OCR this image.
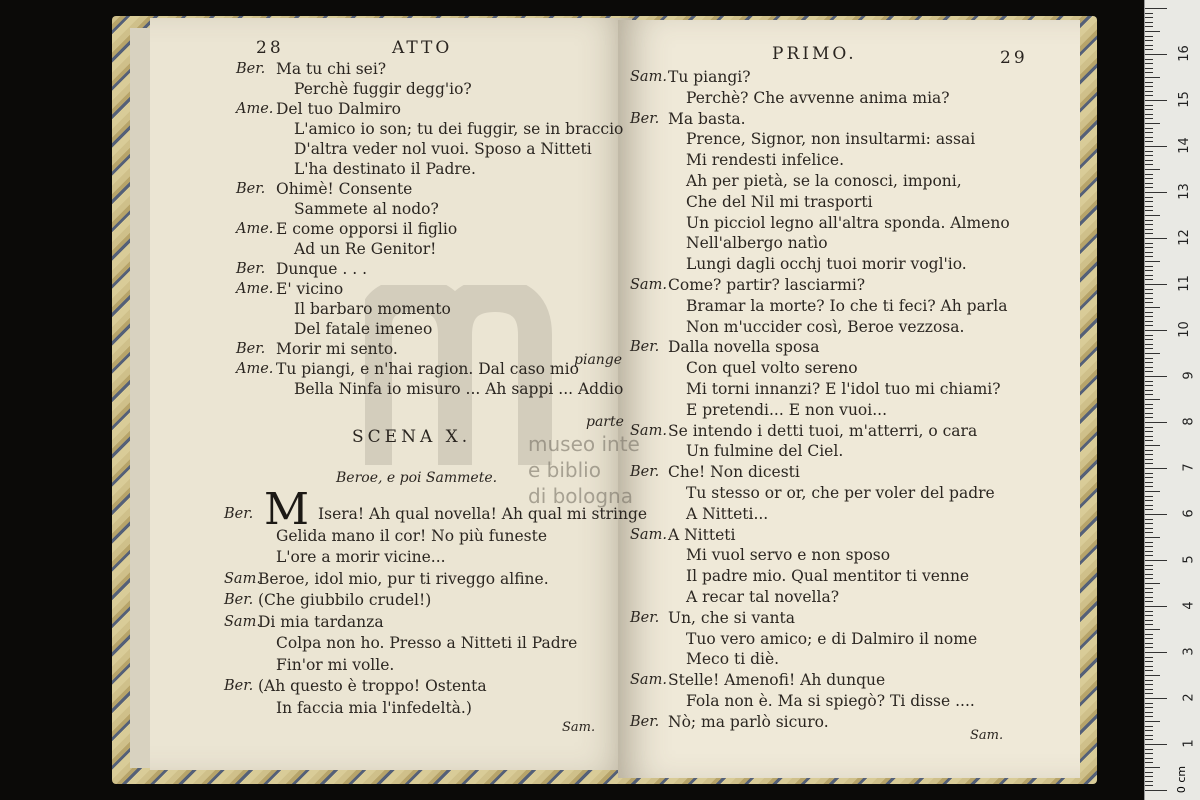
museo inte
e biblio
di bologna
28	ATTO
Ber. Ma tu chi sei?
Perchè fuggir degg'io?
Ame. Del tuo Dalmiro
L'amico io son; tu dei fuggir, se in braccio
D'altra veder nol vuoi. Sposo a Nitteti
L'ha destinato il Padre.
Ber. Ohimè! Consente
Sammete al nodo?
Ame. E come opporsi il figlio
Ad un Re Genitor!
Ber. Dunque . . .
Ame. E' vicino
Il barbaro momento
Del fatale imeneo
Ber. Morir mi sento.
Ame. Tu piangi, e n'hai ragion. Dal caso mio
Bella Ninfa io misuro ... Ah sappi ... Addio
piange
parte
SCENA X.
Beroe, e poi Sammete.
M
Ber.	Isera! Ah qual novella! Ah qual mi stringe
Gelida mano il cor! No più funeste
L'ore a morir vicine...
Sam.
Beroe, idol mio, pur ti riveggo alfine.
Ber. (Che giubbilo crudel!)
Sam.
Di mia tardanza
Colpa non ho. Presso a Nitteti il Padre
Fin'or mi volle.
Ber. (Ah questo è troppo! Ostenta
In faccia mia l'infedeltà.)
Sam.
PRIMO.	29
Sam. Tu piangi?
Perchè? Che avvenne anima mia?
Ber. Ma basta.
Prence, Signor, non insultarmi: assai
Mi rendesti infelice.
Ah per pietà, se la conosci, imponi,
Che del Nil mi trasporti
Un picciol legno all'altra sponda. Almeno
Nell'albergo natìo
Lungi dagli occhj tuoi morir vogl'io.
Sam. Come? partir? lasciarmi?
Bramar la morte? Io che ti feci? Ah parla
Non m'uccider così, Beroe vezzosa.
Ber. Dalla novella sposa
Con quel volto sereno
Mi torni innanzi? E l'idol tuo mi chiami?
E pretendi... E non vuoi...
Sam. Se intendo i detti tuoi, m'atterri, o cara
Un fulmine del Ciel.
Ber. Che! Non dicesti
Tu stesso or or, che per voler del padre
A Nitteti...
Sam. A Nitteti
Mi vuol servo e non sposo
Il padre mio. Qual mentitor ti venne
A recar tal novella?
Ber. Un, che si vanta
Tuo vero amico; e di Dalmiro il nome
Meco ti diè.
Sam. Stelle! Amenofi! Ah dunque
Fola non è. Ma si spiegò? Ti disse ....
Ber. Nò; ma parlò sicuro.
Sam.
0 cm
1
2
3
4
5
6
7
8
9
10
11
12
13
14
15
16
